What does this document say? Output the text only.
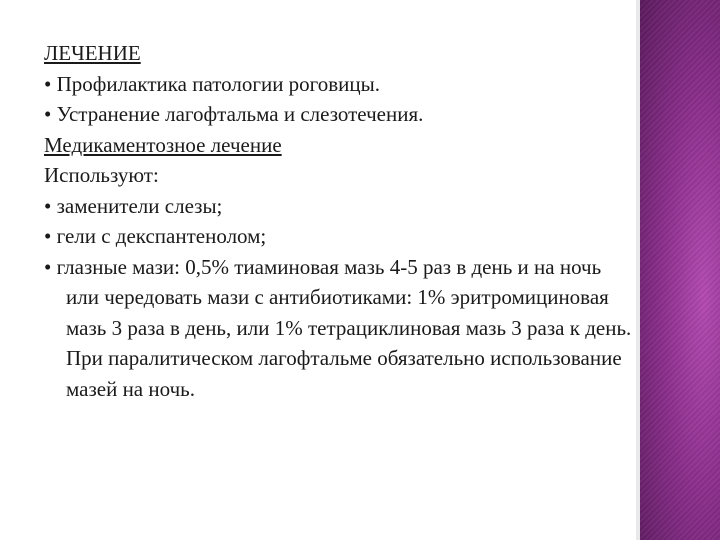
ЛЕЧЕНИЕ

• Профилактика патологии роговицы.

• Устранение лагофтальма и слезотечения.

Медикаментозное лечение

Используют:

• заменители слезы;

• гели с декспантенолом;

• глазные мази: 0,5% тиаминовая мазь 4-5 раз в день и на ночь или чередовать мази с антибиотиками: 1% эритромициновая мазь 3 раза в день, или 1% тетрациклиновая мазь 3 раза к день. При паралитическом лагофтальме обязательно использование мазей на ночь.
